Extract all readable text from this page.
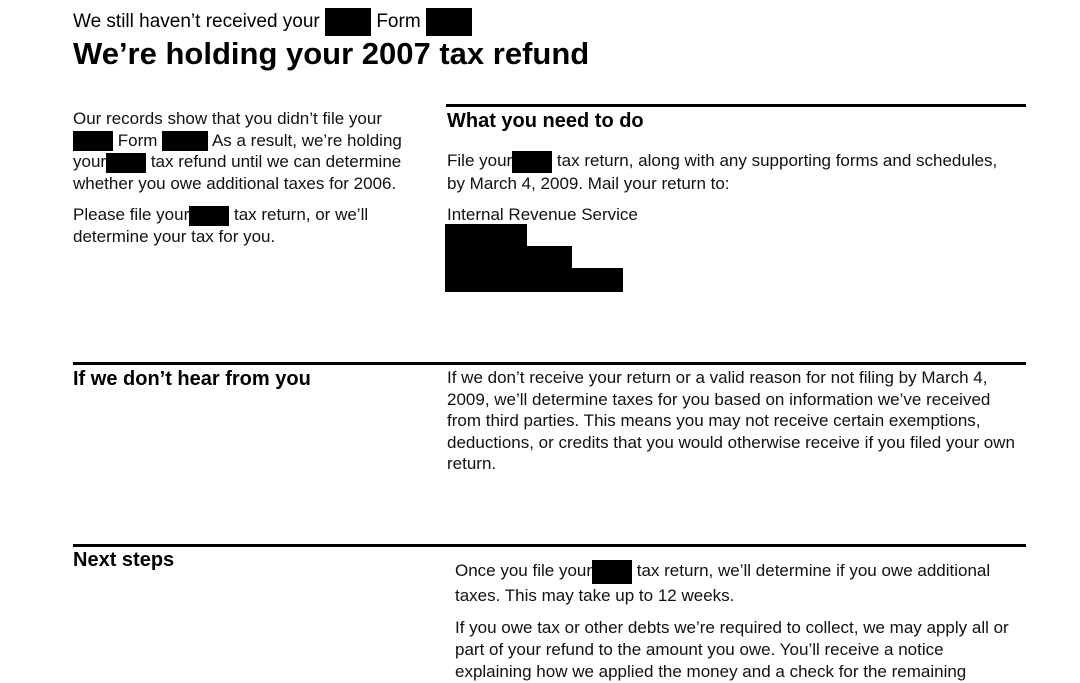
We still haven’t received your	Form
We’re holding your 2007 tax refund

Our records show that you didn’t file your
Form	As a result, we’re holding
your	tax refund until we can determine
whether you owe additional taxes for 2006.

Please file your	tax return, or we’ll
determine your tax for you.

What you need to do

File your	tax return, along with any supporting forms and schedules,
by March 4, 2009. Mail your return to:

Internal Revenue Service

If we don’t hear from you	If we don’t receive your return or a valid reason for not filing by March 4, 2009, we’ll determine taxes for you based on information we’ve received from third parties. This means you may not receive certain exemptions, deductions, or credits that you would otherwise receive if you filed your own return.

Next steps	Once you file your	tax return, we’ll determine if you owe additional
taxes. This may take up to 12 weeks.

If you owe tax or other debts we’re required to collect, we may apply all or part of your refund to the amount you owe. You’ll receive a notice explaining how we applied the money and a check for the remaining
